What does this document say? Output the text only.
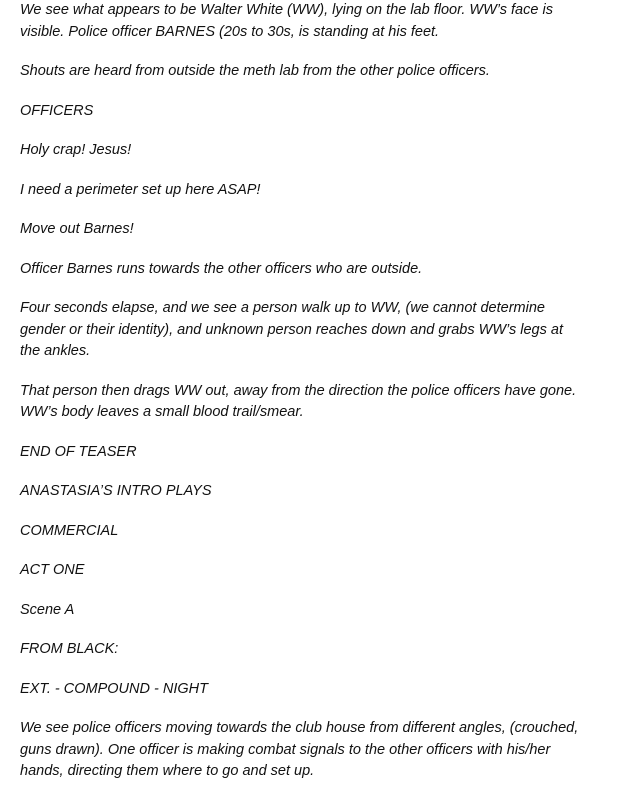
We see what appears to be Walter White (WW), lying on the lab floor. WW’s face is visible. Police officer BARNES (20s to 30s, is standing at his feet.

Shouts are heard from outside the meth lab from the other police officers.

OFFICERS

Holy crap! Jesus!

I need a perimeter set up here ASAP!

Move out Barnes!

Officer Barnes runs towards the other officers who are outside.

Four seconds elapse, and we see a person walk up to WW, (we cannot determine gender or their identity), and unknown person reaches down and grabs WW’s legs at the ankles.

That person then drags WW out, away from the direction the police officers have gone. WW’s body leaves a small blood trail/smear.

END OF TEASER

ANASTASIA’S INTRO PLAYS

COMMERCIAL

ACT ONE

Scene A

FROM BLACK:

EXT. - COMPOUND - NIGHT

We see police officers moving towards the club house from different angles, (crouched, guns drawn). One officer is making combat signals to the other officers with his/her hands, directing them where to go and set up.
